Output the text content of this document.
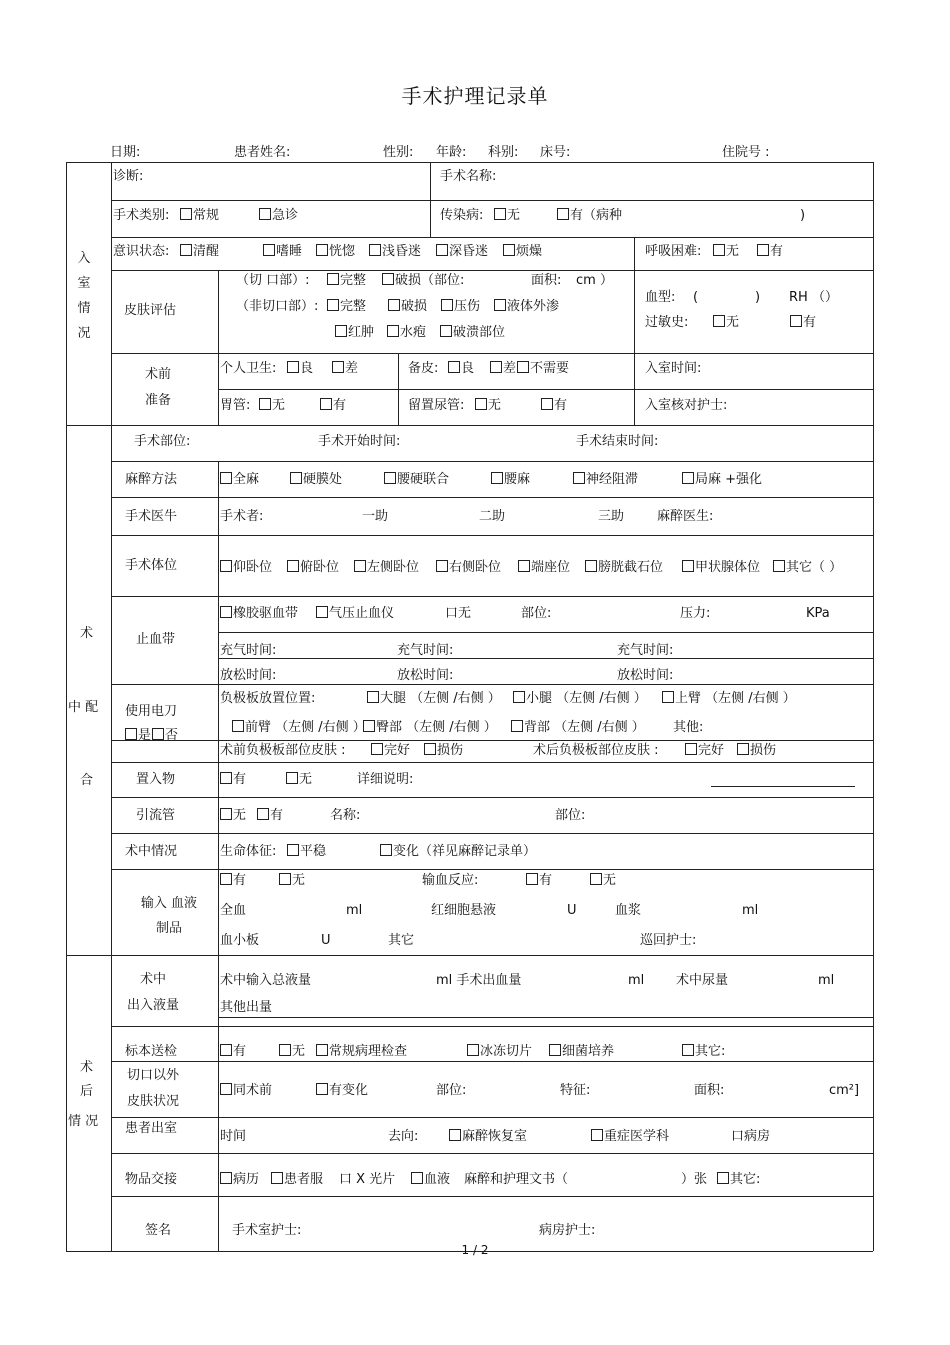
手术护理记录单
日期:	患者姓名:	性别: 年龄: 科别: 床号:	住院号 :
入
室
情
况
诊断:	手术名称:
手术类别:	常规	急诊	传染病:	无	有（病种	)
意识状态:	清醒	嗜睡	恍惚	浅昏迷	深昏迷	烦燥	呼吸困难:	无	有
皮肤评估
（切 口部）:	完整	破损（部位:	面积: cm ）
（非切口部）:	完整	破损	压伤	液体外渗
红肿	水疱	破溃部位
血型: (	) RH （）
过敏史:	无	有
术前
准备
个人卫生:	良	差	备皮:	良	差	不需要	入室时间:
胃管:	无	有	留置尿管:	无	有	入室核对护士:
术
中 配
合
手术部位:	手术开始时间:	手术结束时间:
麻醉方法	全麻	硬膜处	腰硬联合	腰麻	神经阻滞	局麻 +强化
手术医牛	手术者:	一助	二助	三助	麻醉医生:
手术体位	仰卧位	俯卧位	左侧卧位	右侧卧位	端座位	膀胱截石位	甲状腺体位	其它（ ）
止血带
橡胶驱血带	气压止血仪	口无	部位:	压力:	KPa
充气时间:	充气时间:	充气时间:
放松时间:	放松时间:	放松时间:
使用电刀
是	否
负极板放置位置:	大腿 （左侧 /右侧 ）	小腿 （左侧 /右侧 ）	上臂 （左侧 /右侧 ）
前臂 （左侧 /右侧 ） 臀部 （左侧 /右侧 ）	背部 （左侧 /右侧 ） 其他:
术前负极板部位皮肤 :	完好	损伤	术后负极板部位皮肤 :	完好	损伤
置入物	有	无	详细说明:
引流管	无	有	名称:	部位:
术中情况	生命体征:	平稳	变化（祥见麻醉记录单）
输入 血液
制品
有	无	输血反应:	有	无
全血	ml	红细胞悬液	U	血浆	ml
血小板	U	其它	巡回护士:
术
后
情 况
术中
出入液量
术中输入总液量	ml 手术出血量	ml 术中尿量	ml
其他出量
标本送检	有	无	常规病理检查	冰冻切片	细菌培养	其它:
切口以外
皮肤状况
同术前	有变化	部位:	特征:	面积:	cm²]
患者出室
时间	去向:	麻醉恢复室	重症医学科	口病房
物品交接	病历	患者服 口 X 光片	血液 麻醉和护理文书（	）张	其它:
签名	手术室护士:	病房护士:
1 / 2
